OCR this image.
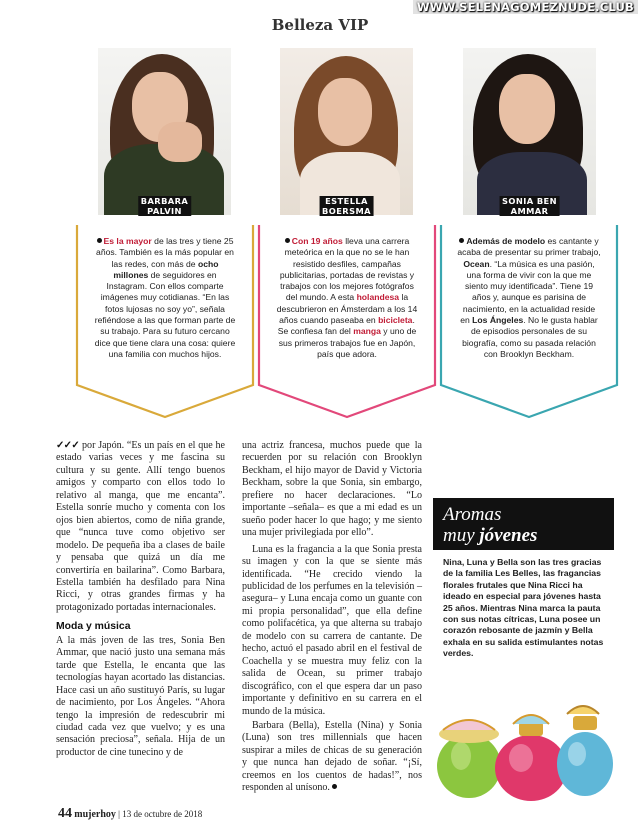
WWW.SELENAGOMEZNUDE.CLUB
Belleza VIP
BARBARA
PALVIN
ESTELLA
BOERSMA
SONIA BEN
AMMAR
Es la mayor de las tres y tiene 25 años. También es la más popular en las redes, con más de ocho millones de seguidores en Instagram. Con ellos comparte imágenes muy cotidianas. “En las fotos lujosas no soy yo”, señala refiéndose a las que forman parte de su trabajo. Para su futuro cercano dice que tiene clara una cosa: quiere una familia con muchos hijos.
Con 19 años lleva una carrera meteórica en la que no se le han resistido desfiles, campañas publicitarias, portadas de revistas y trabajos con los mejores fotógrafos del mundo. A esta holandesa la descubrieron en Ámsterdam a los 14 años cuando paseaba en bicicleta. Se confiesa fan del manga y uno de sus primeros trabajos fue en Japón, país que adora.
Además de modelo es cantante y acaba de presentar su primer trabajo, Ocean. “La música es una pasión, una forma de vivir con la que me siento muy identificada”. Tiene 19 años y, aunque es parisina de nacimiento, en la actualidad reside en Los Ángeles. No le gusta hablar de episodios personales de su biografía, como su pasada relación con Brooklyn Beckham.

✓✓✓ por Japón. “Es un país en el que he estado varias veces y me fascina su cultura y su gente. Allí tengo buenos amigos y comparto con ellos todo lo relativo al manga, que me encanta”. Estella sonríe mucho y comenta con los ojos bien abiertos, como de niña grande, que “nunca tuve como objetivo ser modelo. De pequeña iba a clases de baile y pensaba que quizá un día me convertiría en bailarina”. Como Barbara, Estella también ha desfilado para Nina Ricci, y otras grandes firmas y ha protagonizado portadas internacionales.

Moda y música

A la más joven de las tres, Sonia Ben Ammar, que nació justo una semana más tarde que Estella, le encanta que las tecnologías hayan acortado las distancias. Hace casi un año sustituyó París, su lugar de nacimiento, por Los Ángeles. “Ahora tengo la impresión de redescubrir mi ciudad cada vez que vuelvo; y es una sensación preciosa”, señala. Hija de un productor de cine tunecino y de

una actriz francesa, muchos puede que la recuerden por su relación con Brooklyn Beckham, el hijo mayor de David y Victoria Beckham, sobre la que Sonia, sin embargo, prefiere no hacer declaraciones. “Lo importante –señala– es que a mi edad es un sueño poder hacer lo que hago; y me siento una mujer privilegiada por ello”.

Luna es la fragancia a la que Sonia presta su imagen y con la que se siente más identificada. “He crecido viendo la publicidad de los perfumes en la televisión –asegura– y Luna encaja como un guante con mi propia personalidad”, que ella define como polifacética, ya que alterna su trabajo de modelo con su carrera de cantante. De hecho, actuó el pasado abril en el festival de Coachella y se muestra muy feliz con la salida de Ocean, su primer trabajo discográfico, con el que espera dar un paso importante y definitivo en su carrera en el mundo de la música.

Barbara (Bella), Estella (Nina) y Sonia (Luna) son tres millennials que hacen suspirar a miles de chicas de su generación y que nunca han dejado de soñar. “¡Sí, creemos en los cuentos de hadas!”, nos responden al unísono.

Aromas
muy jóvenes
Nina, Luna y Bella son las tres gracias de la familia Les Belles, las fragancias florales frutales que Nina Ricci ha ideado en especial para jóvenes hasta 25 años. Mientras Nina marca la pauta con sus notas cítricas, Luna posee un corazón rebosante de jazmín y Bella exhala en su salida estimulantes notas verdes.
44 mujerhoy | 13 de octubre de 2018
